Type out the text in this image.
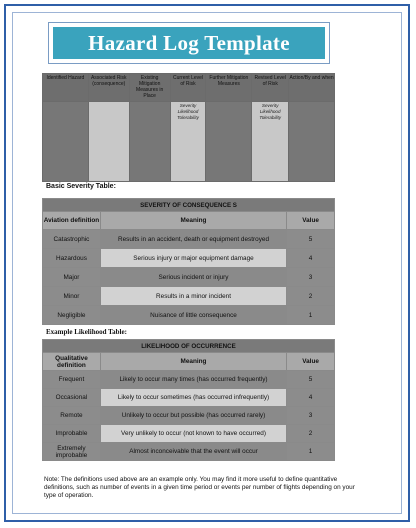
Hazard Log Template
Identified Hazard	Associated Risk (consequence)	Existing Mitigation Measures in Place	Current Level of Risk	Further Mitigation Measures	Revised Level of Risk	Action/By and when
			Severity Likelihood Tolerability		Severity Likelihood Tolerability	
Basic Severity Table:
SEVERITY OF CONSEQUENCE S		
Aviation definition	Meaning	Value
Catastrophic	Results in an accident, death or equipment destroyed	5
Hazardous	Serious injury or major equipment damage	4
Major	Serious incident or injury	3
Minor	Results in a minor incident	2
Negligible	Nuisance of little consequence	1
Example Likelihood Table:
LIKELIHOOD OF OCCURRENCE		
Qualitative definition	Meaning	Value
Frequent	Likely to occur many times (has occurred frequently)	5
Occasional	Likely to occur sometimes (has occurred infrequently)	4
Remote	Unlikely to occur but possible (has occurred rarely)	3
Improbable	Very unlikely to occur (not known to have occurred)	2
Extremely improbable	Almost inconceivable that the event will occur	1
Note: The definitions used above are an example only. You may find it more useful to define quantitative definitions, such as number of events in a given time period or events per number of flights depending on your type of operation.
